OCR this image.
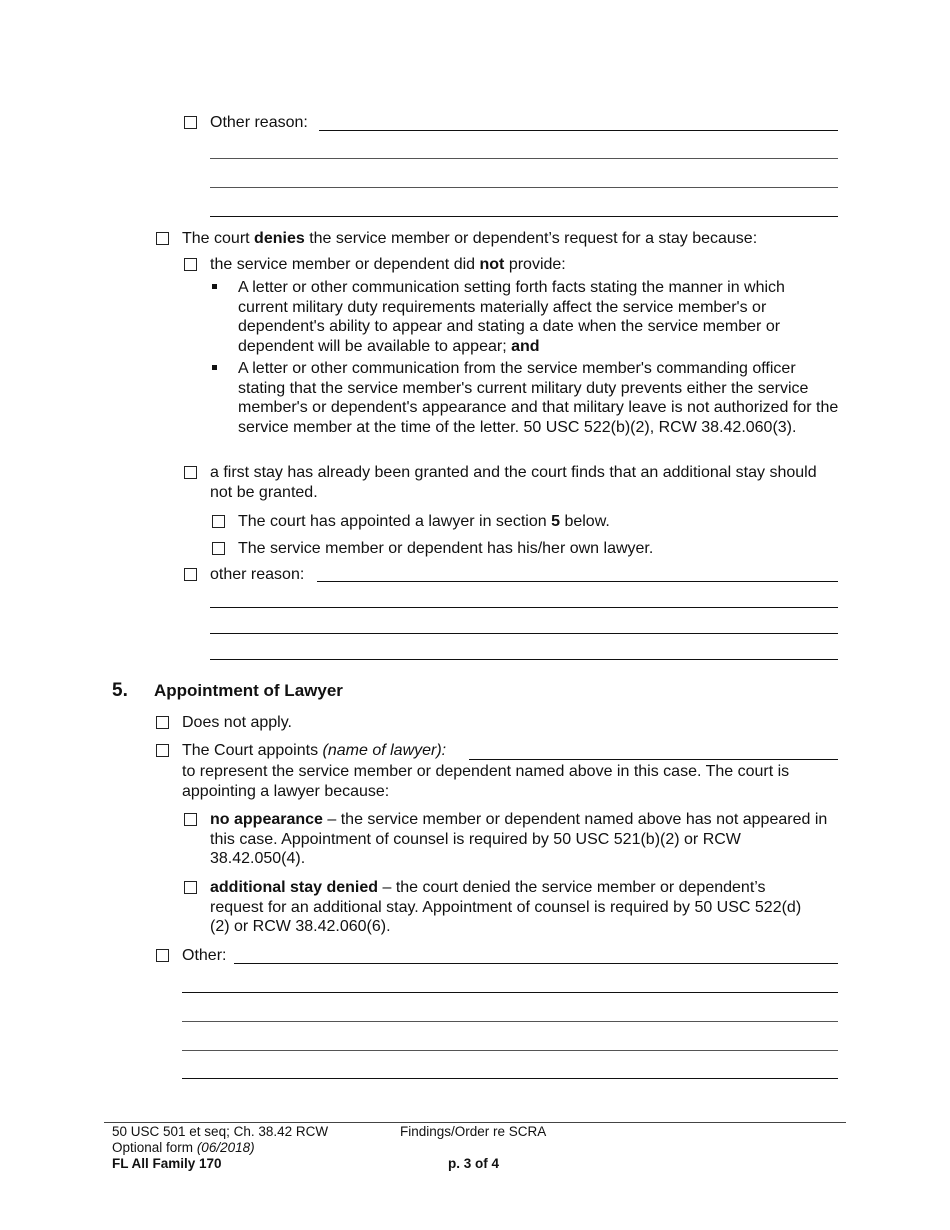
Other reason:
The court denies the service member or dependent’s request for a stay because:
the service member or dependent did not provide:
A letter or other communication setting forth facts stating the manner in which current military duty requirements materially affect the service member's or dependent's ability to appear and stating a date when the service member or dependent will be available to appear; and
A letter or other communication from the service member's commanding officer stating that the service member's current military duty prevents either the service member's or dependent's appearance and that military leave is not authorized for the service member at the time of the letter. 50 USC 522(b)(2), RCW 38.42.060(3).
a first stay has already been granted and the court finds that an additional stay should not be granted.
The court has appointed a lawyer in section 5 below.
The service member or dependent has his/her own lawyer.
other reason:
5. Appointment of Lawyer
Does not apply.
The Court appoints (name of lawyer):
to represent the service member or dependent named above in this case. The court is appointing a lawyer because:
no appearance – the service member or dependent named above has not appeared in this case. Appointment of counsel is required by 50 USC 521(b)(2) or RCW 38.42.050(4).
additional stay denied – the court denied the service member or dependent’s request for an additional stay. Appointment of counsel is required by 50 USC 522(d)(2) or RCW 38.42.060(6).
Other:
50 USC 501 et seq; Ch. 38.42 RCW
Optional form (06/2018)
FL All Family 170
Findings/Order re SCRA
p. 3 of 4
